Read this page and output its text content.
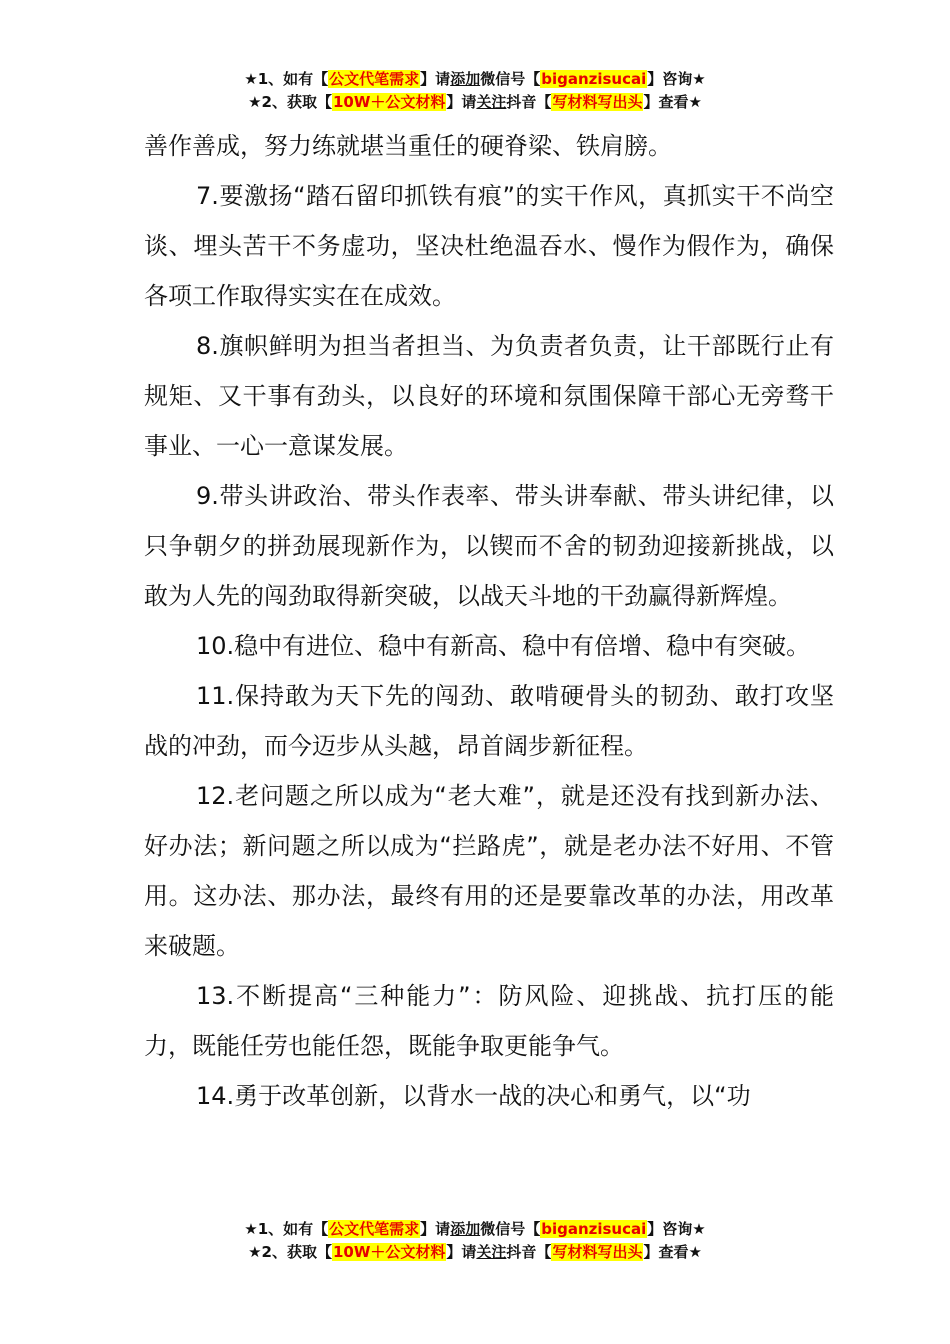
★1、如有【公文代笔需求】请添加微信号【biganzisucai】咨询★
★2、获取【10W＋公文材料】请关注抖音【写材料写出头】查看★

善作善成，努力练就堪当重任的硬脊梁、铁肩膀。

7.要激扬“踏石留印抓铁有痕”的实干作风，真抓实干不尚空谈、埋头苦干不务虚功，坚决杜绝温吞水、慢作为假作为，确保各项工作取得实实在在成效。

8.旗帜鲜明为担当者担当、为负责者负责，让干部既行止有规矩、又干事有劲头，以良好的环境和氛围保障干部心无旁骛干事业、一心一意谋发展。

9.带头讲政治、带头作表率、带头讲奉献、带头讲纪律，以只争朝夕的拼劲展现新作为，以锲而不舍的韧劲迎接新挑战，以敢为人先的闯劲取得新突破，以战天斗地的干劲赢得新辉煌。

10.稳中有进位、稳中有新高、稳中有倍增、稳中有突破。

11.保持敢为天下先的闯劲、敢啃硬骨头的韧劲、敢打攻坚战的冲劲，而今迈步从头越，昂首阔步新征程。

12.老问题之所以成为“老大难”，就是还没有找到新办法、好办法；新问题之所以成为“拦路虎”，就是老办法不好用、不管用。这办法、那办法，最终有用的还是要靠改革的办法，用改革来破题。

13.不断提高“三种能力”：防风险、迎挑战、抗打压的能力，既能任劳也能任怨，既能争取更能争气。

14.勇于改革创新，以背水一战的决心和勇气，以“功

★1、如有【公文代笔需求】请添加微信号【biganzisucai】咨询★
★2、获取【10W＋公文材料】请关注抖音【写材料写出头】查看★
